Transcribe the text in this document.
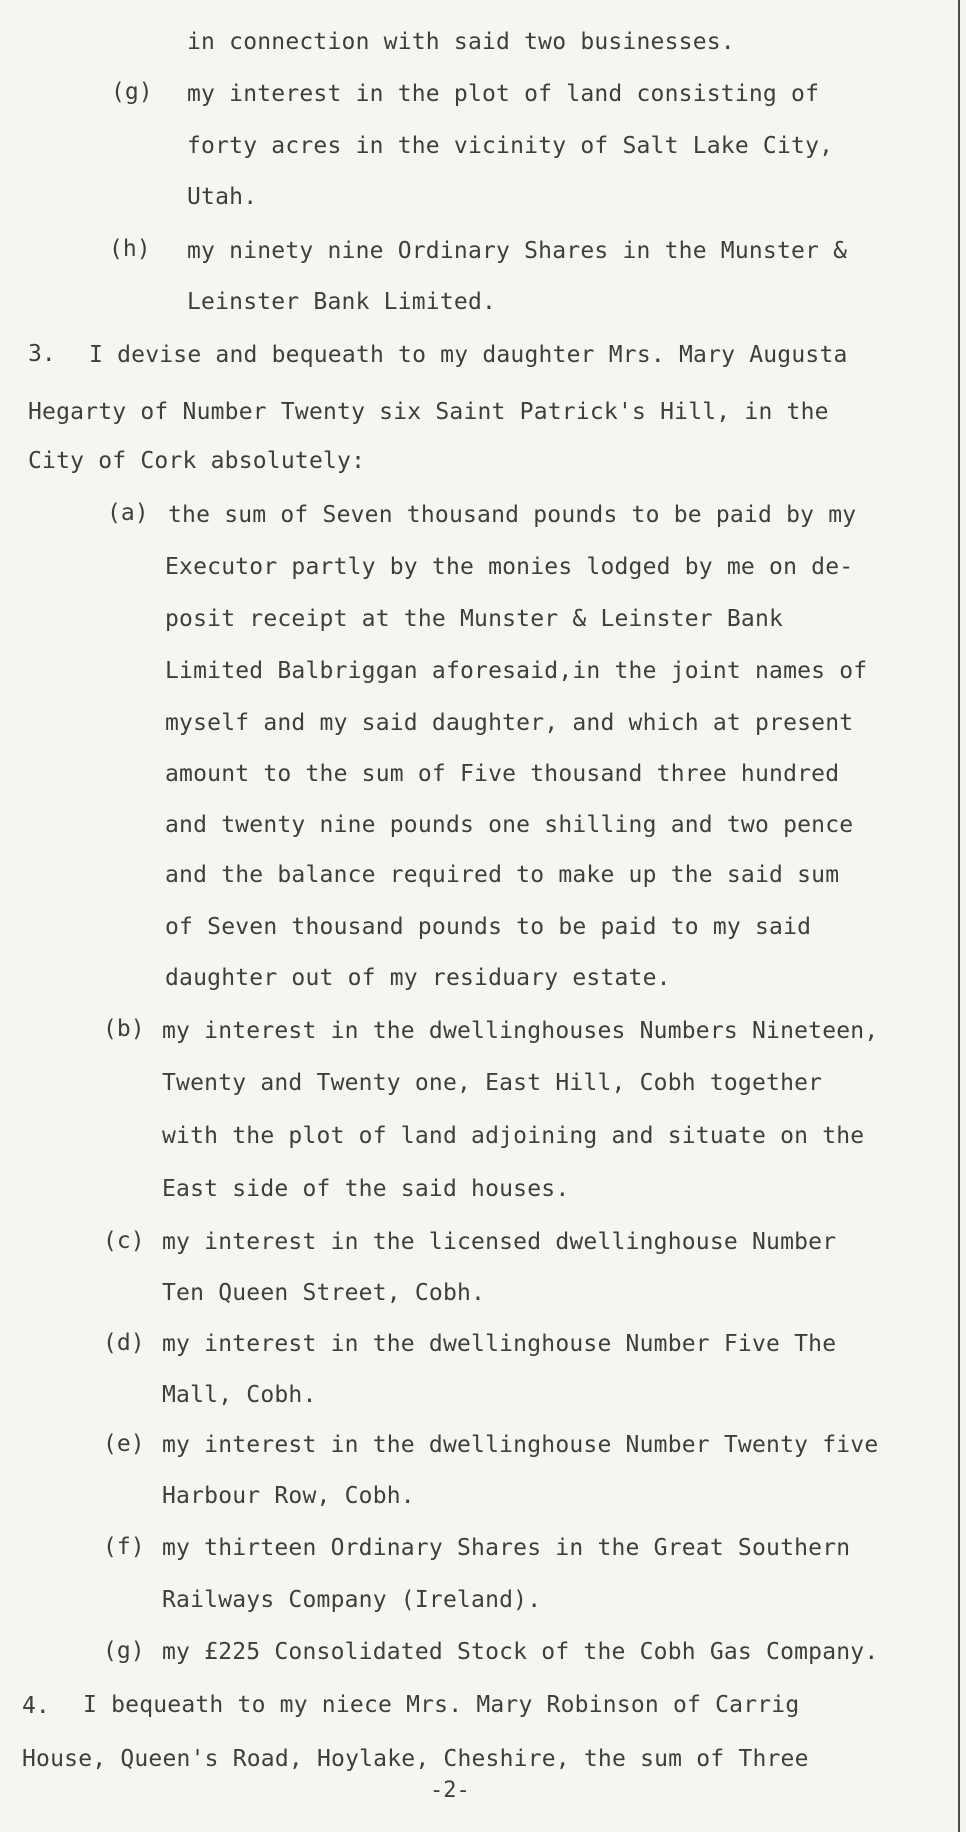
in connection with said two businesses.
(g) my interest in the plot of land consisting of
forty acres in the vicinity of Salt Lake City,
Utah.
(h) my ninety nine Ordinary Shares in the Munster &
Leinster Bank Limited.
3. I devise and bequeath to my daughter Mrs. Mary Augusta
Hegarty of Number Twenty six Saint Patrick's Hill, in the
City of Cork absolutely:
(a) the sum of Seven thousand pounds to be paid by my
Executor partly by the monies lodged by me on de-
posit receipt at the Munster & Leinster Bank
Limited Balbriggan aforesaid,in the joint names of
myself and my said daughter, and which at present
amount to the sum of Five thousand three hundred
and twenty nine pounds one shilling and two pence
and the balance required to make up the said sum
of Seven thousand pounds to be paid to my said
daughter out of my residuary estate.
(b) my interest in the dwellinghouses Numbers Nineteen,
Twenty and Twenty one, East Hill, Cobh together
with the plot of land adjoining and situate on the
East side of the said houses.
(c) my interest in the licensed dwellinghouse Number
Ten Queen Street, Cobh.
(d) my interest in the dwellinghouse Number Five The
Mall, Cobh.
(e) my interest in the dwellinghouse Number Twenty five
Harbour Row, Cobh.
(f) my thirteen Ordinary Shares in the Great Southern
Railways Company (Ireland).
(g) my £225 Consolidated Stock of the Cobh Gas Company.
4. I bequeath to my niece Mrs. Mary Robinson of Carrig
House, Queen's Road, Hoylake, Cheshire, the sum of Three
-2-
